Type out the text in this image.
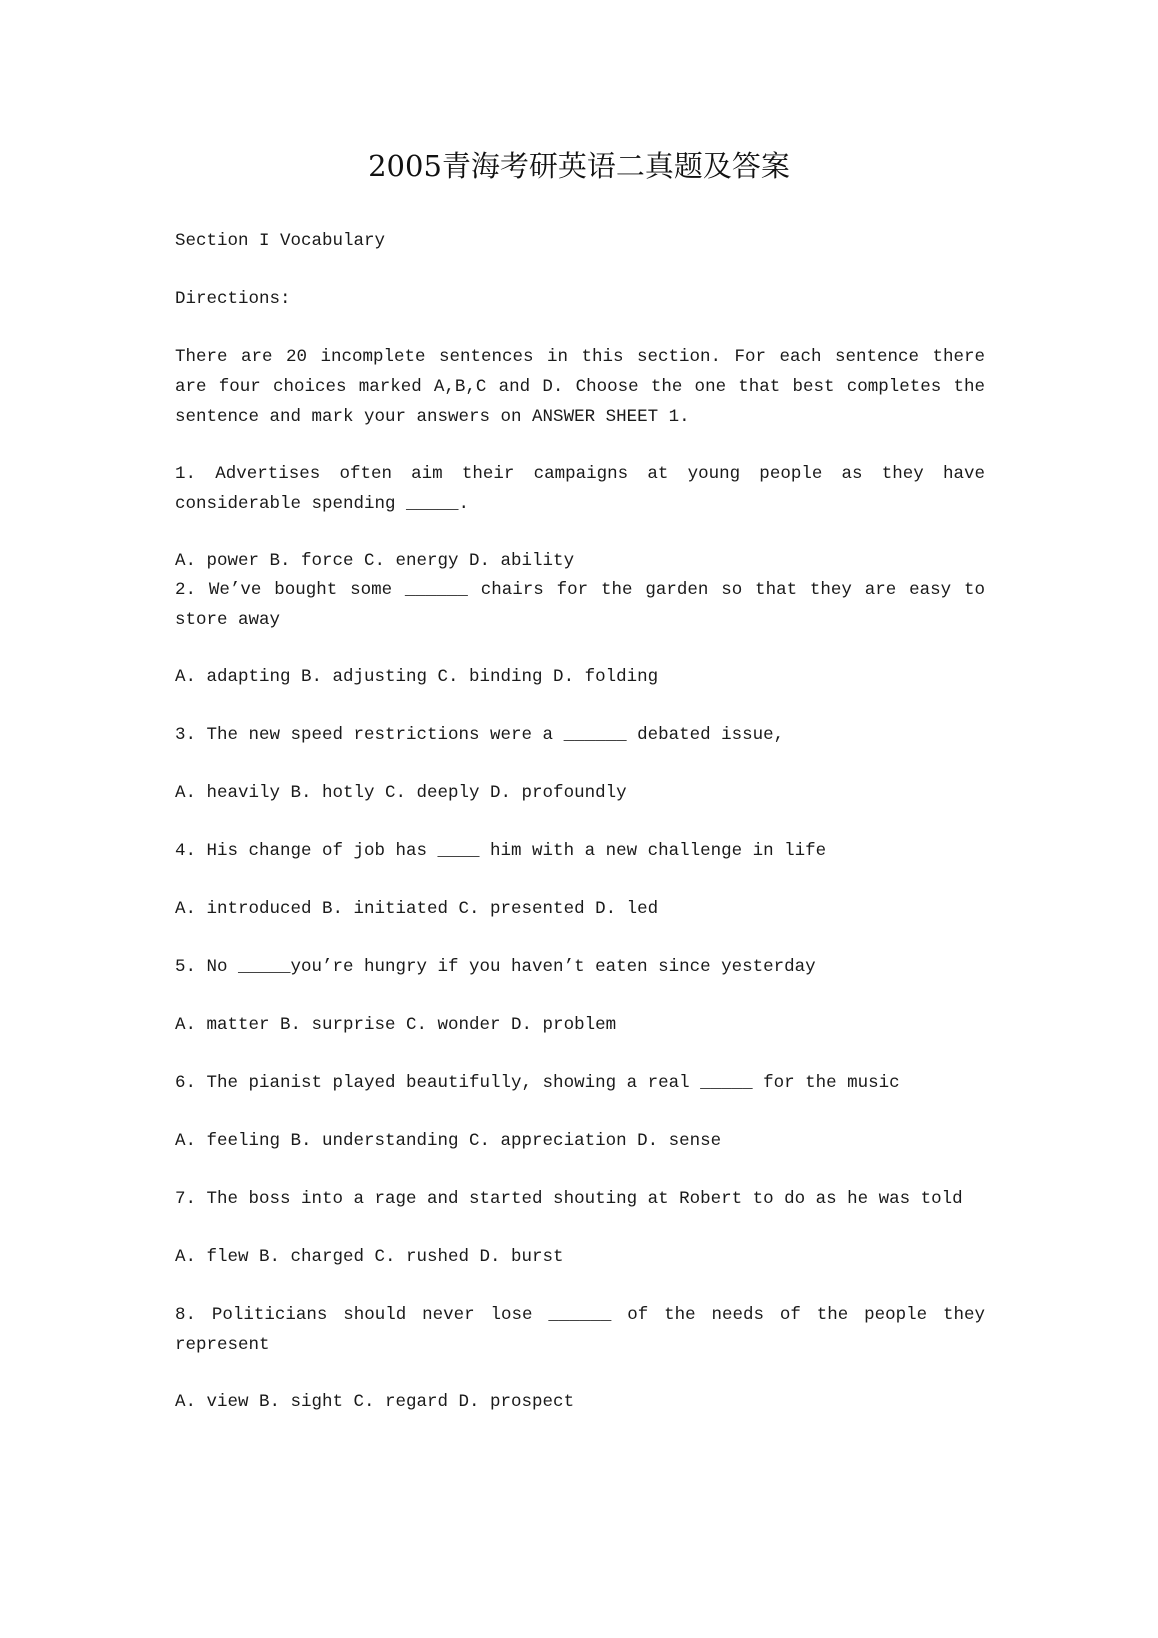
2005青海考研英语二真题及答案
Section I Vocabulary
Directions:
There are 20 incomplete sentences in this section. For each sentence there are four choices marked A,B,C and D. Choose the one that best completes the sentence and mark your answers on ANSWER SHEET 1.
1. Advertises often aim their campaigns at young people as they have considerable spending _____.
A. power B. force C. energy D. ability
2. We’ve bought some ______ chairs for the garden so that they are easy to store away
A. adapting B. adjusting C. binding D. folding
3. The new speed restrictions were a ______ debated issue,
A. heavily B. hotly C. deeply D. profoundly
4. His change of job has ____ him with a new challenge in life
A. introduced B. initiated C. presented D. led
5. No _____you’re hungry if you haven’t eaten since yesterday
A. matter B. surprise C. wonder D. problem
6. The pianist played beautifully, showing a real _____ for the music
A. feeling B. understanding C. appreciation D. sense
7. The boss into a rage and started shouting at Robert to do as he was told
A. flew B. charged C. rushed D. burst
8. Politicians should never lose ______ of the needs of the people they represent
A. view B. sight C. regard D. prospect
